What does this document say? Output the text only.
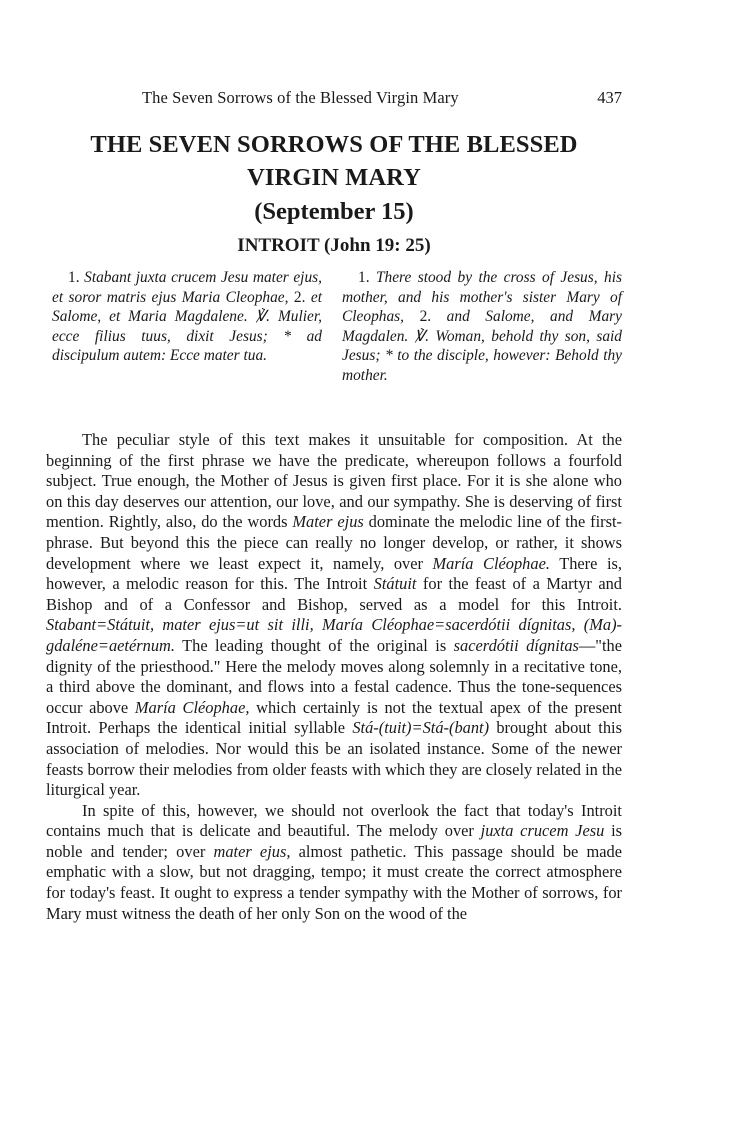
The Seven Sorrows of the Blessed Virgin Mary	437
THE SEVEN SORROWS OF THE BLESSED
VIRGIN MARY
(September 15)
INTROIT (John 19: 25)

1. Stabant juxta crucem Jesu mater ejus, et soror matris ejus Maria Cleophae, 2. et Salome, et Maria Magdalene. ℣. Mulier, ecce filius tuus, dixit Jesus; * ad discipulum autem: Ecce mater tua.

1. There stood by the cross of Jesus, his mother, and his mother's sister Mary of Cleophas, 2. and Salome, and Mary Magdalen. ℣. Woman, behold thy son, said Jesus; * to the disciple, however: Behold thy mother.

The peculiar style of this text makes it unsuitable for composition. At the beginning of the first phrase we have the predicate, whereupon follows a fourfold subject. True enough, the Mother of Jesus is given first place. For it is she alone who on this day deserves our attention, our love, and our sympathy. She is deserving of first mention. Rightly, also, do the words Mater ejus dominate the melodic line of the first-phrase. But beyond this the piece can really no longer develop, or rather, it shows development where we least expect it, namely, over María Cléophae. There is, however, a melodic reason for this. The Introit Státuit for the feast of a Martyr and Bishop and of a Confessor and Bishop, served as a model for this Introit. Stabant=Státuit, mater ejus=ut sit illi, María Cléophae=sacerdótii dígnitas, (Ma)-gdaléne=aetérnum. The leading thought of the original is sacerdótii dígnitas—"the dignity of the priesthood." Here the melody moves along solemnly in a recitative tone, a third above the dominant, and flows into a festal cadence. Thus the tone-sequences occur above María Cléophae, which certainly is not the textual apex of the present Introit. Perhaps the identical initial syllable Stá-(tuit)=Stá-(bant) brought about this association of melodies. Nor would this be an isolated instance. Some of the newer feasts borrow their melodies from older feasts with which they are closely related in the liturgical year.

In spite of this, however, we should not overlook the fact that today's Introit contains much that is delicate and beautiful. The melody over juxta crucem Jesu is noble and tender; over mater ejus, almost pathetic. This passage should be made emphatic with a slow, but not dragging, tempo; it must create the correct atmosphere for today's feast. It ought to express a tender sympathy with the Mother of sorrows, for Mary must witness the death of her only Son on the wood of the
